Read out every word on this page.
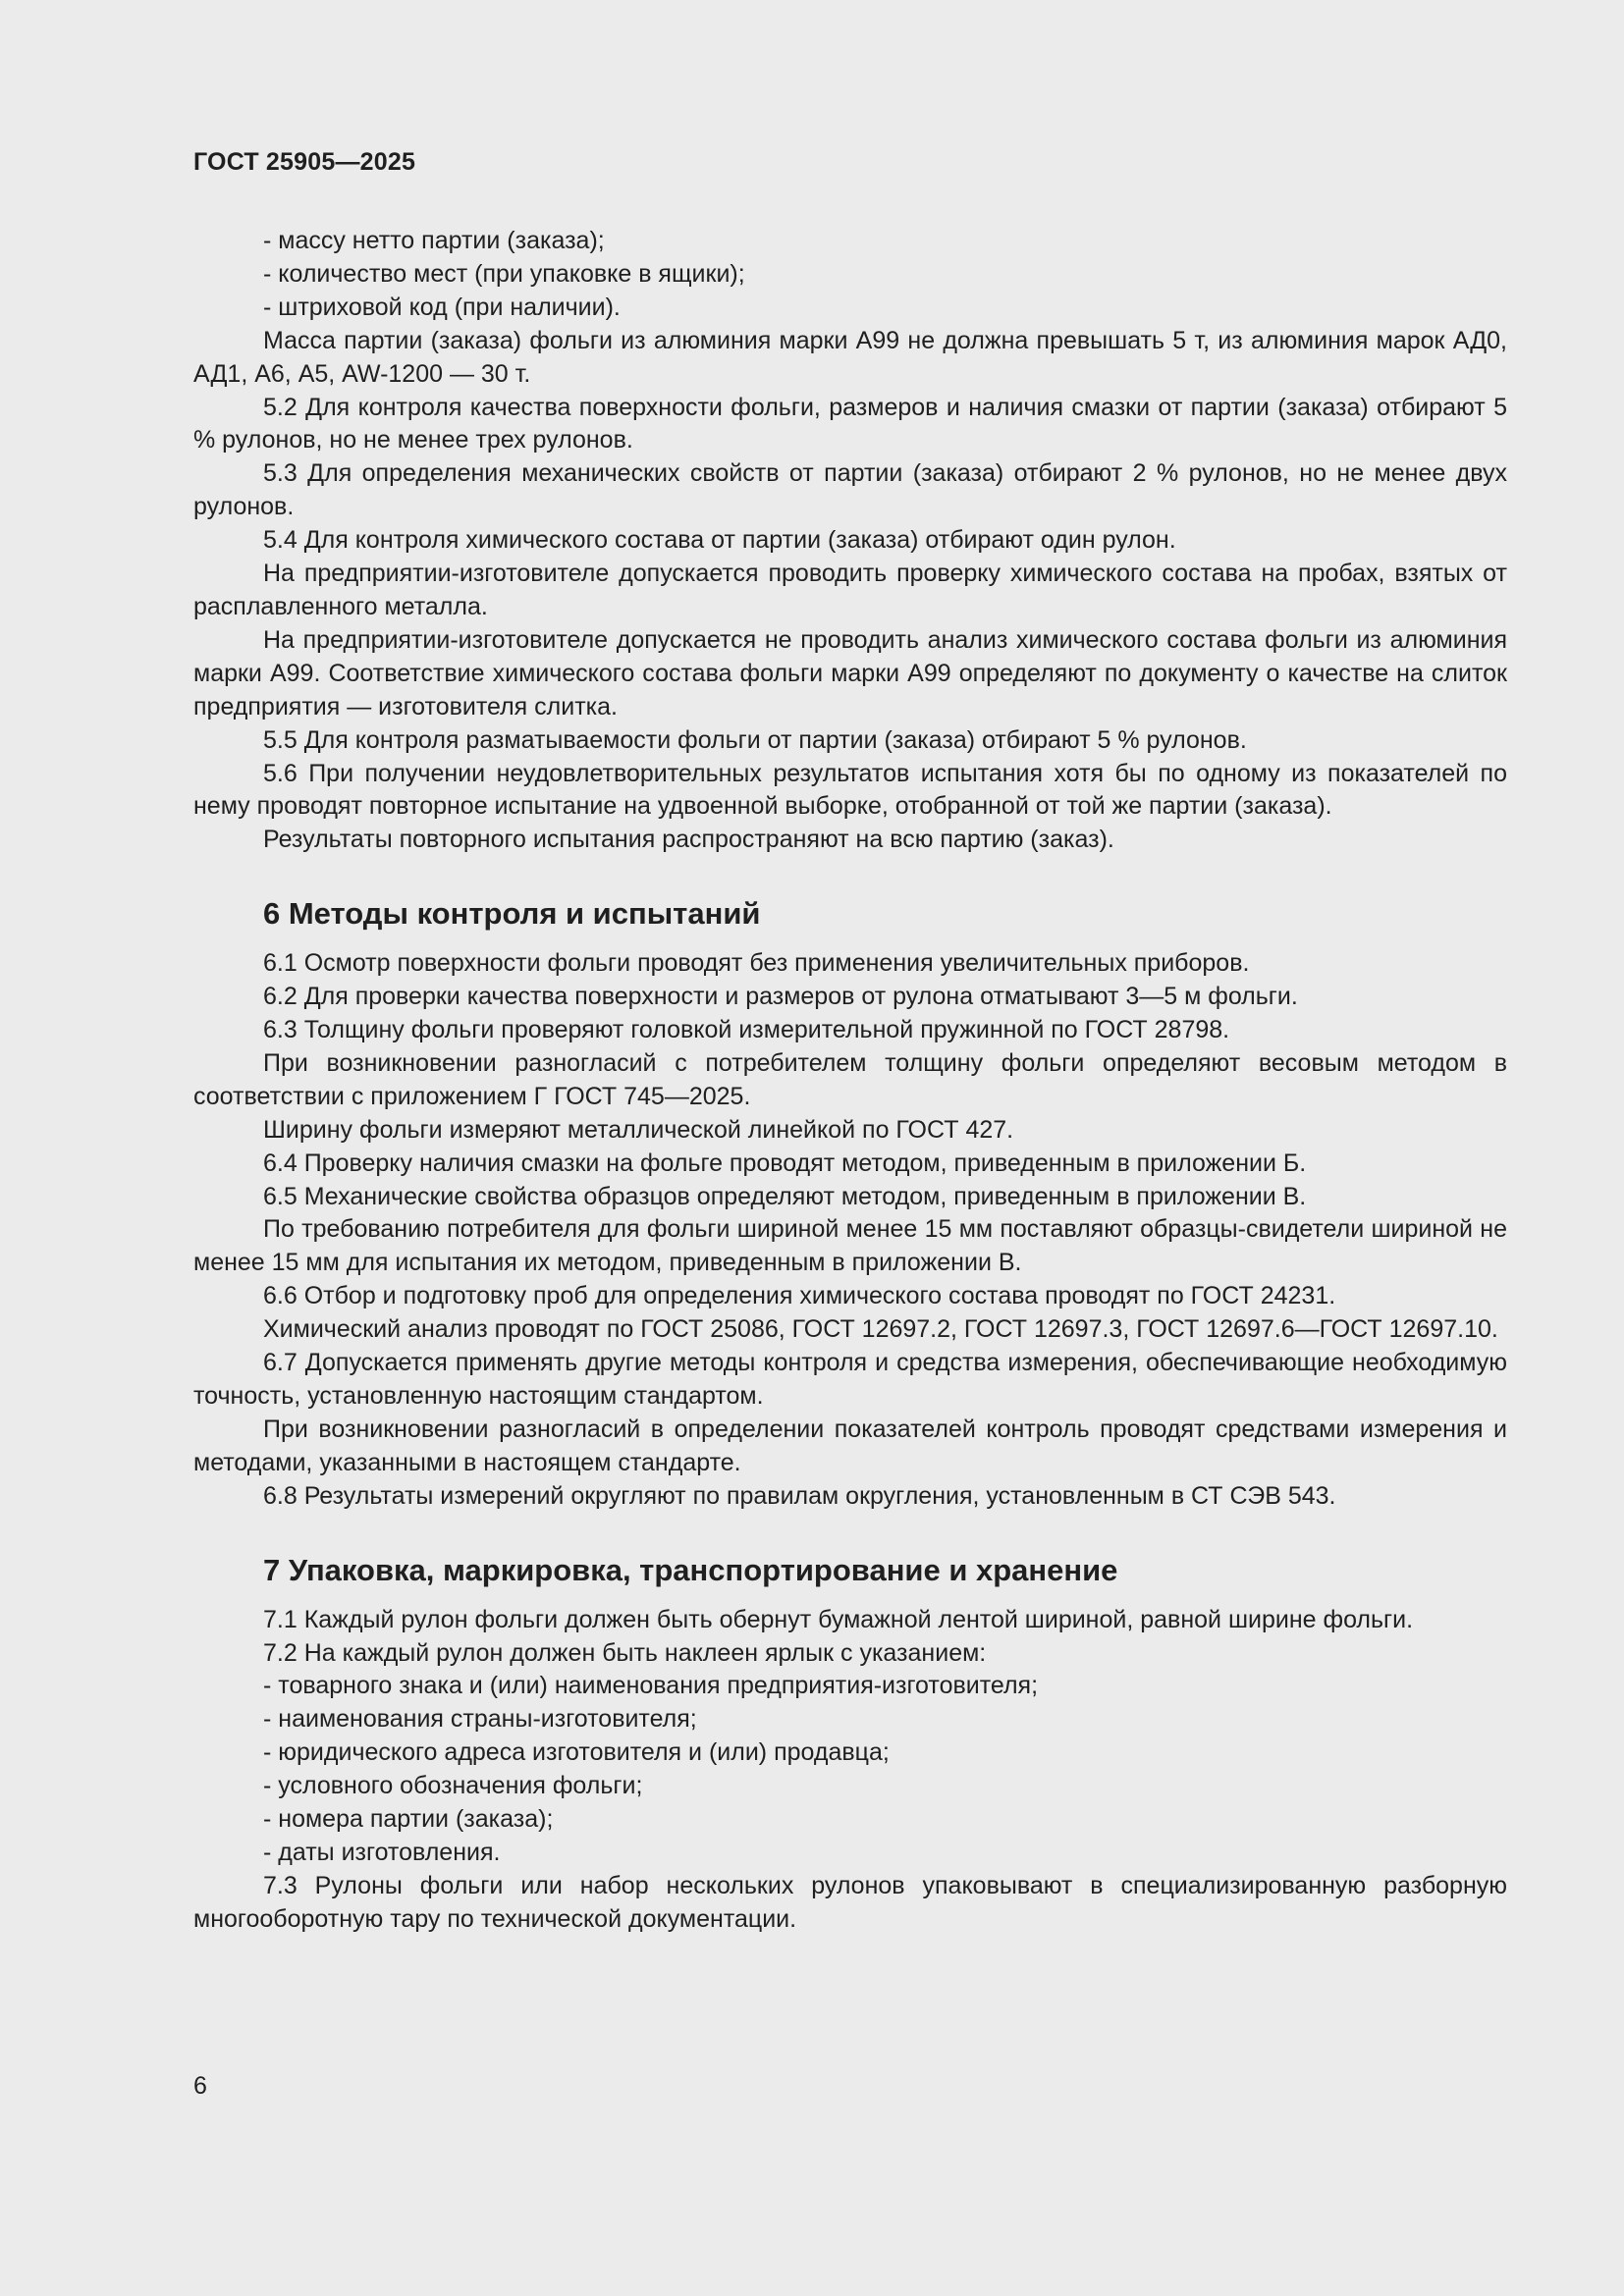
ГОСТ 25905—2025
- массу нетто партии (заказа);
- количество мест (при упаковке в ящики);
- штриховой код (при наличии).

Масса партии (заказа) фольги из алюминия марки А99 не должна превышать 5 т, из алюминия марок АД0, АД1, А6, А5, AW-1200 — 30 т.

5.2 Для контроля качества поверхности фольги, размеров и наличия смазки от партии (заказа) отбирают 5 % рулонов, но не менее трех рулонов.

5.3 Для определения механических свойств от партии (заказа) отбирают 2 % рулонов, но не менее двух рулонов.

5.4 Для контроля химического состава от партии (заказа) отбирают один рулон.

На предприятии-изготовителе допускается проводить проверку химического состава на пробах, взятых от расплавленного металла.

На предприятии-изготовителе допускается не проводить анализ химического состава фольги из алюминия марки А99. Соответствие химического состава фольги марки А99 определяют по документу о качестве на слиток предприятия — изготовителя слитка.

5.5 Для контроля разматываемости фольги от партии (заказа) отбирают 5 % рулонов.

5.6 При получении неудовлетворительных результатов испытания хотя бы по одному из показателей по нему проводят повторное испытание на удвоенной выборке, отобранной от той же партии (заказа).

Результаты повторного испытания распространяют на всю партию (заказ).

6 Методы контроля и испытаний

6.1 Осмотр поверхности фольги проводят без применения увеличительных приборов.

6.2 Для проверки качества поверхности и размеров от рулона отматывают 3—5 м фольги.

6.3 Толщину фольги проверяют головкой измерительной пружинной по ГОСТ 28798.

При возникновении разногласий с потребителем толщину фольги определяют весовым методом в соответствии с приложением Г ГОСТ 745—2025.

Ширину фольги измеряют металлической линейкой по ГОСТ 427.

6.4 Проверку наличия смазки на фольге проводят методом, приведенным в приложении Б.

6.5 Механические свойства образцов определяют методом, приведенным в приложении В.

По требованию потребителя для фольги шириной менее 15 мм поставляют образцы-свидетели шириной не менее 15 мм для испытания их методом, приведенным в приложении В.

6.6 Отбор и подготовку проб для определения химического состава проводят по ГОСТ 24231.

Химический анализ проводят по ГОСТ 25086, ГОСТ 12697.2, ГОСТ 12697.3, ГОСТ 12697.6—ГОСТ 12697.10.

6.7 Допускается применять другие методы контроля и средства измерения, обеспечивающие необходимую точность, установленную настоящим стандартом.

При возникновении разногласий в определении показателей контроль проводят средствами измерения и методами, указанными в настоящем стандарте.

6.8 Результаты измерений округляют по правилам округления, установленным в СТ СЭВ 543.

7 Упаковка, маркировка, транспортирование и хранение

7.1 Каждый рулон фольги должен быть обернут бумажной лентой шириной, равной ширине фольги.

7.2 На каждый рулон должен быть наклеен ярлык с указанием:

- товарного знака и (или) наименования предприятия-изготовителя;
- наименования страны-изготовителя;
- юридического адреса изготовителя и (или) продавца;
- условного обозначения фольги;
- номера партии (заказа);
- даты изготовления.

7.3 Рулоны фольги или набор нескольких рулонов упаковывают в специализированную разборную многооборотную тару по технической документации.

6
